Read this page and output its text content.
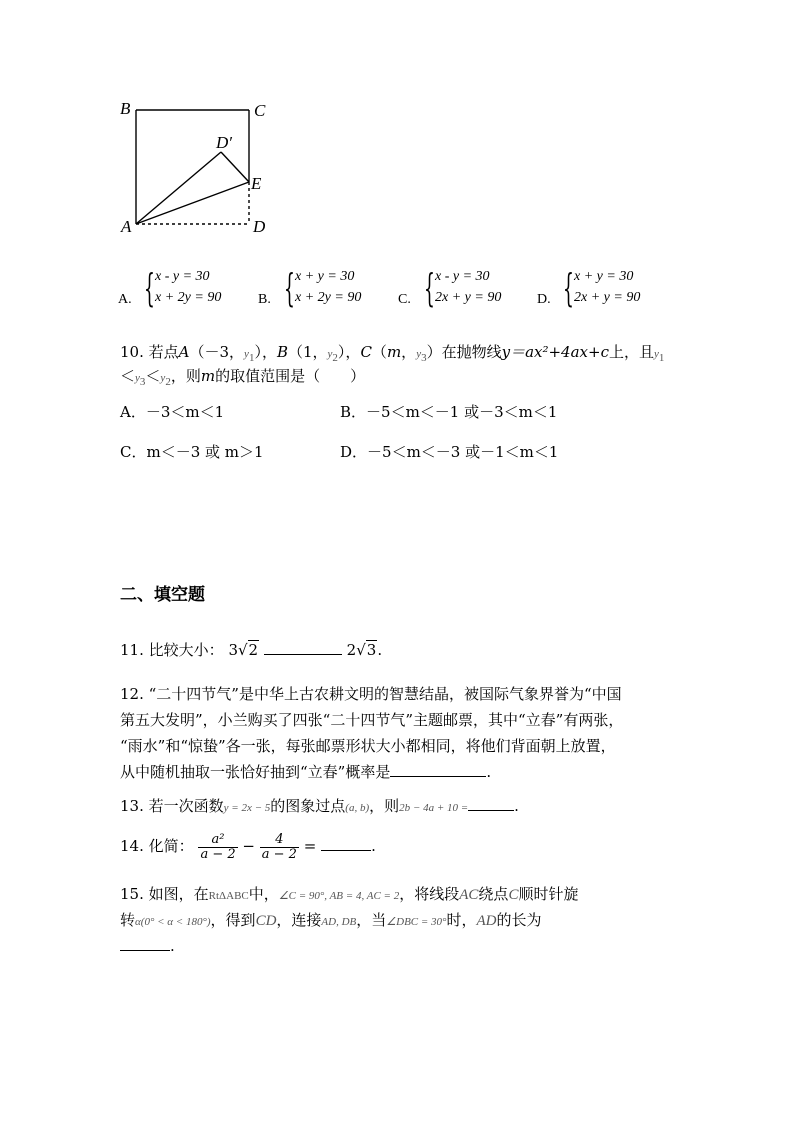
B	C
D′
E
A	D
A. { x - y = 30
x + 2y = 90	B. { x + y = 30
x + 2y = 90	C. { x - y = 30
2x + y = 90	D. { x + y = 30
2x + y = 90
10. 若点A（－3，$y_1$），B（1，$y_2$），C（m，$y_3$）在抛物线y＝ax²+4ax+c上，且$y_1$
$<y_3<y_2$，则m的取值范围是（　　）
A．－3＜m＜1	B．－5＜m＜－1 或－3＜m＜1
C．m＜－3 或 m＞1	D．－5＜m＜－3 或－1＜m＜1
二、填空题
11. 比较大小： 3√2	2√3.
12. “二十四节气”是中华上古农耕文明的智慧结晶，被国际气象界誉为“中国
第五大发明”，小兰购买了四张“二十四节气”主题邮票，其中“立春”有两张，
“雨水”和“惊蛰”各一张，每张邮票形状大小都相同，将他们背面朝上放置，
从中随机抽取一张恰好抽到“立春”概率是	.
13. 若一次函数y = 2x − 5的图象过点(a, b)，则2b − 4a + 10 =	.
14. 化简： $\frac{\text{a²}}{a - 2} - \frac{4}{a - 2}$ =	.
15. 如图，在RtΔABC中，∠C = 90°, AB = 4, AC = 2，将线段AC绕点C顺时针旋
转α(0° < α < 180°)，得到CD，连接AD, DB，当∠DBC = 30°时，AD的长为
.
